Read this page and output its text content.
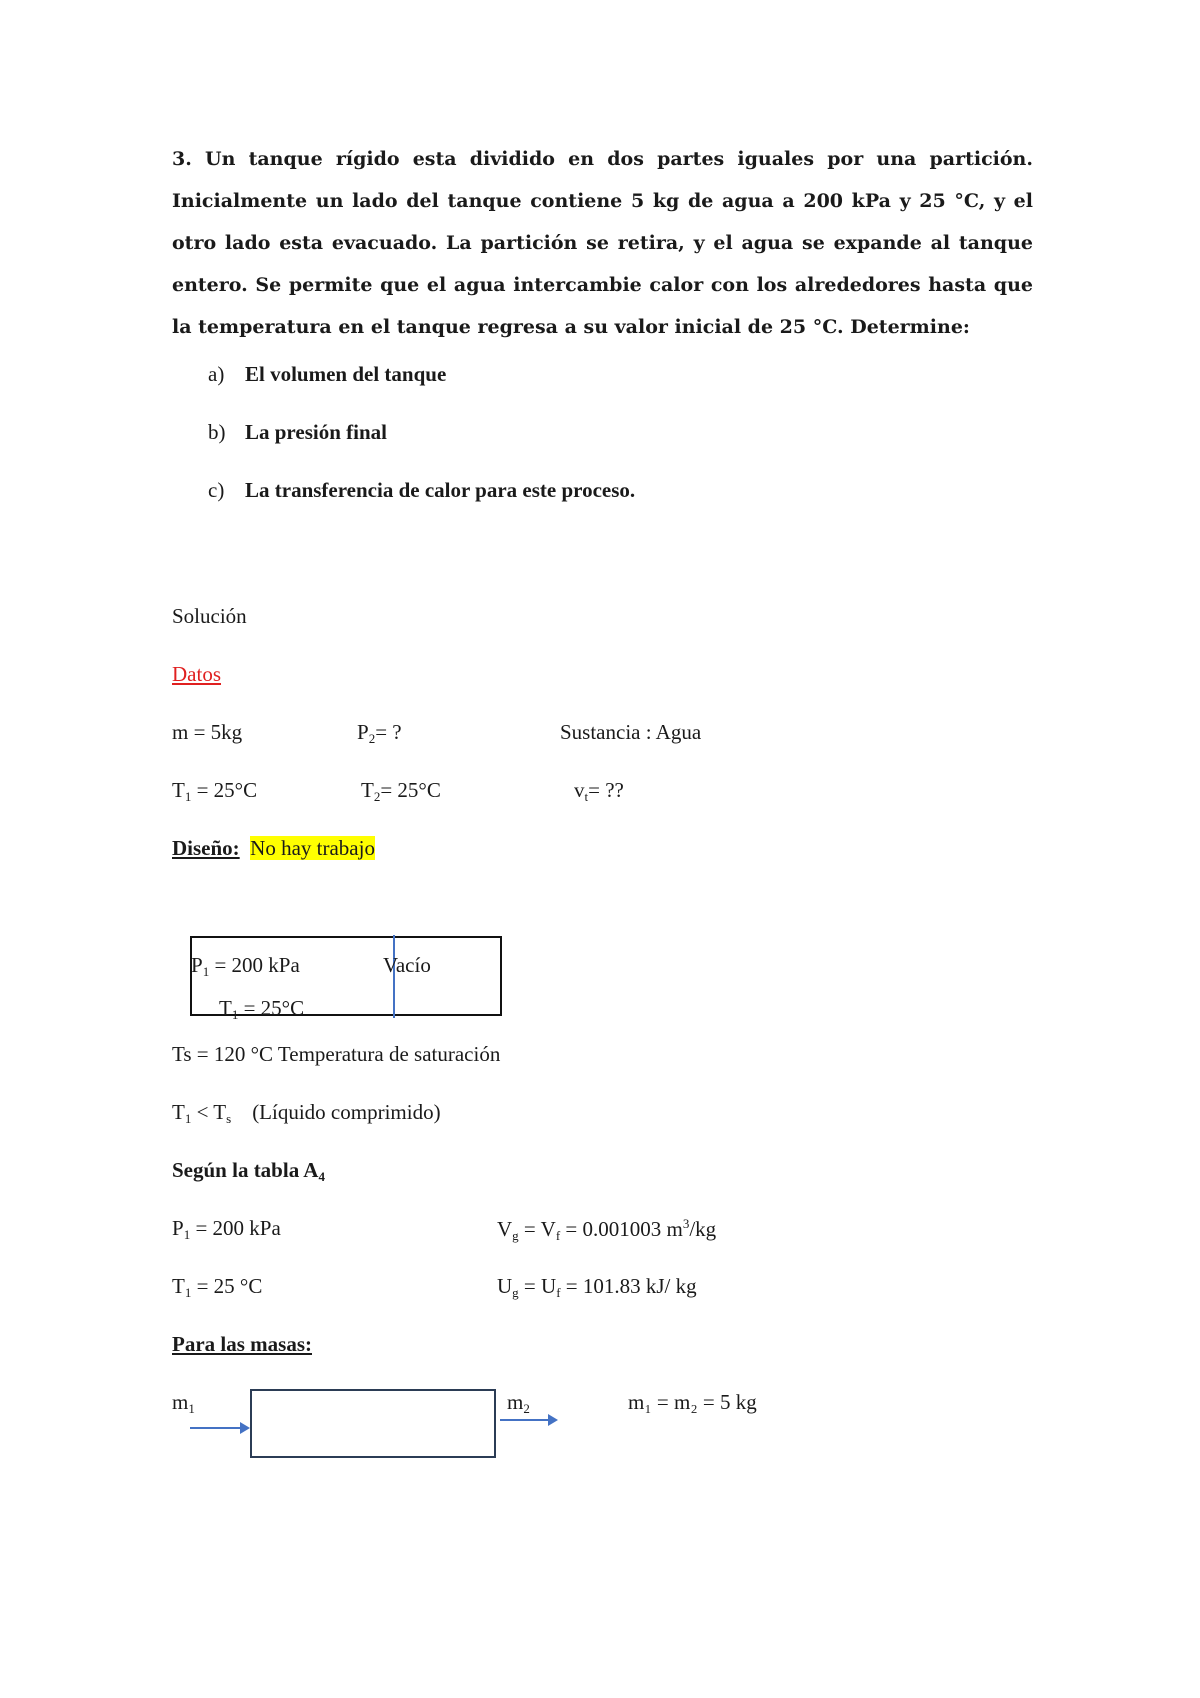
3. Un tanque rígido esta dividido en dos partes iguales por una partición. Inicialmente un lado del tanque contiene 5 kg de agua a 200 kPa y 25 °C, y el otro lado esta evacuado. La partición se retira, y el agua se expande al tanque entero. Se permite que el agua intercambie calor con los alrededores hasta que la temperatura en el tanque regresa a su valor inicial de 25 °C. Determine:
a) El volumen del tanque
b) La presión final
c) La transferencia de calor para este proceso.
Solución
Datos
m = 5kg	$P_2=$ ?	Sustancia : Agua
$T_1 = 25^\circ C$	$T_2= 25^\circ C$	$v_t=$ ??
Diseño: No hay trabajo
$P_1 = 200$ kPa	Vacío
$T_1 = 25^\circ C$
Ts = 120 °C Temperatura de saturación
$T_1 < T_s$ (Líquido comprimido)
Según la tabla $A_4$
$P_1 = 200$ kPa	$V_g = V_f = 0.001003$ $m^3/kg$
$T_1 = 25$ °C	$U_g = U_f = 101.83$ kJ/ kg
Para las masas:
$m_1$	$m_2$	m₁ = m₂ = 5 kg
